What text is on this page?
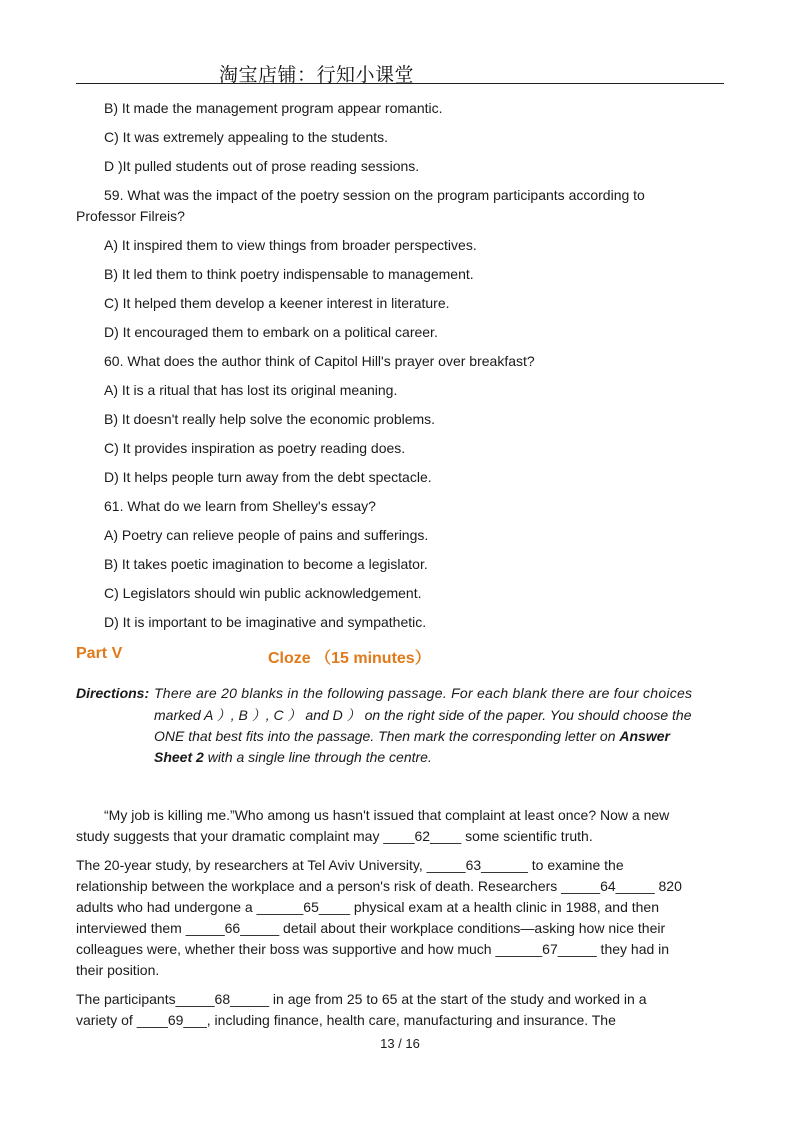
淘宝店铺：行知小课堂
B) It made the management program appear romantic.
C) It was extremely appealing to the students.
D )It pulled students out of prose reading sessions.
59. What was the impact of the poetry session on the program participants according to
Professor Filreis?
A) It inspired them to view things from broader perspectives.
B) It led them to think poetry indispensable to management.
C) It helped them develop a keener interest in literature.
D) It encouraged them to embark on a political career.
60. What does the author think of Capitol Hill's prayer over breakfast?
A) It is a ritual that has lost its original meaning.
B) It doesn't really help solve the economic problems.
C) It provides inspiration as poetry reading does.
D) It helps people turn away from the debt spectacle.
61. What do we learn from Shelley's essay?
A) Poetry can relieve people of pains and sufferings.
B) It takes poetic imagination to become a legislator.
C) Legislators should win public acknowledgement.
D) It is important to be imaginative and sympathetic.
Part V	Cloze （15 minutes）
Directions: There are 20 blanks in the following passage. For each blank there are four choices
marked A ）, B ）, C ） and D ） on the right side of the paper. You should choose the
ONE that best fits into the passage. Then mark the corresponding letter on Answer
Sheet 2 with a single line through the centre.
“My job is killing me.”Who among us hasn't issued that complaint at least once? Now a new
study suggests that your dramatic complaint may ____62____ some scientific truth.
The 20-year study, by researchers at Tel Aviv University, _____63______ to examine the
relationship between the workplace and a person's risk of death. Researchers _____64_____ 820
adults who had undergone a ______65____ physical exam at a health clinic in 1988, and then
interviewed them _____66_____ detail about their workplace conditions—asking how nice their
colleagues were, whether their boss was supportive and how much ______67_____ they had in
their position.
The participants_____68_____ in age from 25 to 65 at the start of the study and worked in a
variety of ____69___, including finance, health care, manufacturing and insurance. The
13 / 16
